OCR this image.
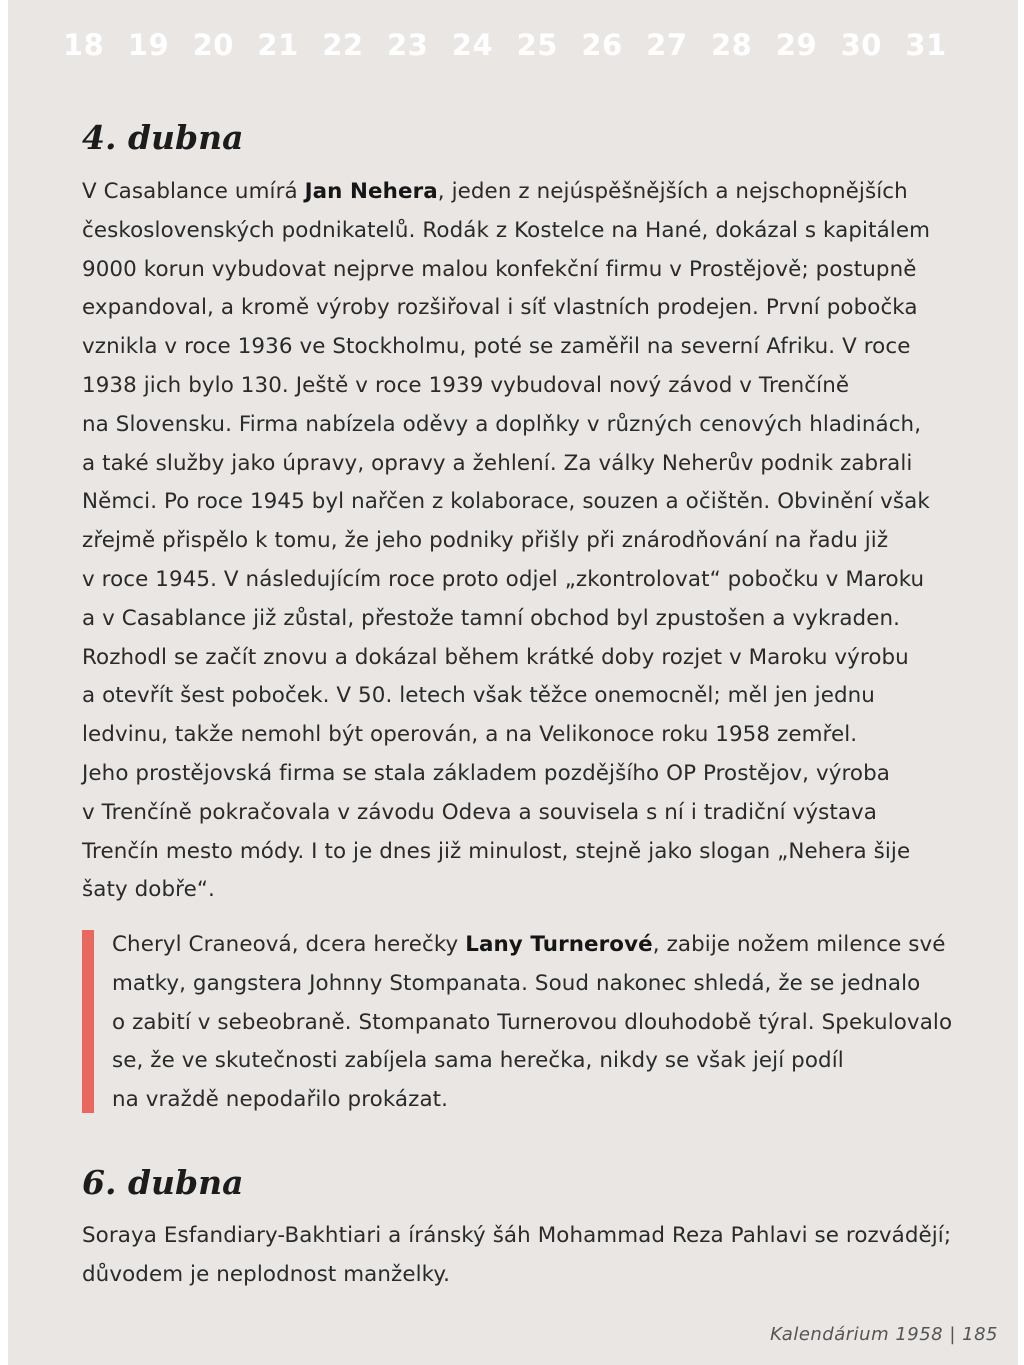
18 19 20 21 22 23 24 25 26 27 28 29 30 31
4. dubna
V Casablance umírá Jan Nehera, jeden z nejúspěšnějších a nejschopnějších
československých podnikatelů. Rodák z Kostelce na Hané, dokázal s kapitálem
9000 korun vybudovat nejprve malou konfekční firmu v Prostějově; postupně
expandoval, a kromě výroby rozšiřoval i síť vlastních prodejen. První pobočka
vznikla v roce 1936 ve Stockholmu, poté se zaměřil na severní Afriku. V roce
1938 jich bylo 130. Ještě v roce 1939 vybudoval nový závod v Trenčíně
na Slovensku. Firma nabízela oděvy a doplňky v různých cenových hladinách,
a také služby jako úpravy, opravy a žehlení. Za války Neherův podnik zabrali
Němci. Po roce 1945 byl nařčen z kolaborace, souzen a očištěn. Obvinění však
zřejmě přispělo k tomu, že jeho podniky přišly při znárodňování na řadu již
v roce 1945. V následujícím roce proto odjel „zkontrolovat“ pobočku v Maroku
a v Casablance již zůstal, přestože tamní obchod byl zpustošen a vykraden.
Rozhodl se začít znovu a dokázal během krátké doby rozjet v Maroku výrobu
a otevřít šest poboček. V 50. letech však těžce onemocněl; měl jen jednu
ledvinu, takže nemohl být operován, a na Velikonoce roku 1958 zemřel.
Jeho prostějovská firma se stala základem pozdějšího OP Prostějov, výroba
v Trenčíně pokračovala v závodu Odeva a souvisela s ní i tradiční výstava
Trenčín mesto módy. I to je dnes již minulost, stejně jako slogan „Nehera šije
šaty dobře“.
Cheryl Craneová, dcera herečky Lany Turnerové, zabije nožem milence své
matky, gangstera Johnny Stompanata. Soud nakonec shledá, že se jednalo
o zabití v sebeobraně. Stompanato Turnerovou dlouhodobě týral. Spekulovalo
se, že ve skutečnosti zabíjela sama herečka, nikdy se však její podíl
na vraždě nepodařilo prokázat.
6. dubna
Soraya Esfandiary-Bakhtiari a íránský šáh Mohammad Reza Pahlavi se rozvádějí;
důvodem je neplodnost manželky.
Kalendárium 1958 | 185
